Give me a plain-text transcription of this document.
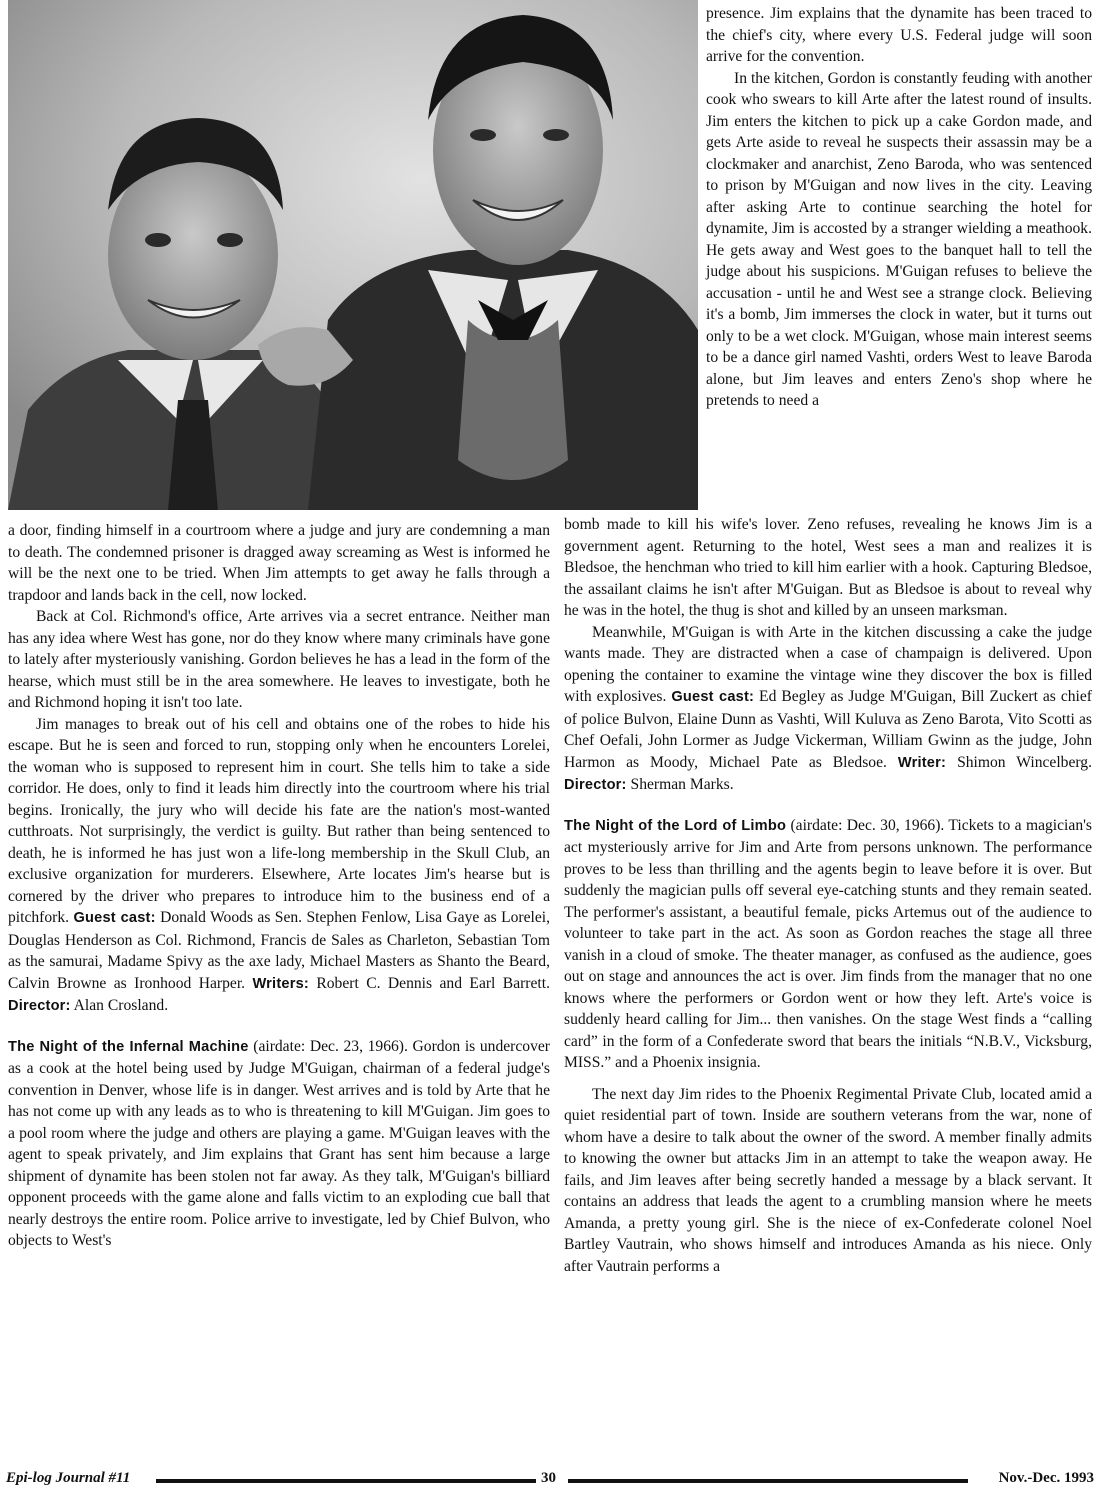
presence. Jim explains that the dynamite has been traced to the chief's city, where every U.S. Federal judge will soon arrive for the convention.

In the kitchen, Gordon is constantly feuding with another cook who swears to kill Arte after the latest round of insults. Jim enters the kitchen to pick up a cake Gordon made, and gets Arte aside to reveal he suspects their assassin may be a clockmaker and anarchist, Zeno Baroda, who was sentenced to prison by M'Guigan and now lives in the city. Leaving after asking Arte to continue searching the hotel for dynamite, Jim is accosted by a stranger wielding a meathook. He gets away and West goes to the banquet hall to tell the judge about his suspicions. M'Guigan refuses to believe the accusation - until he and West see a strange clock. Believing it's a bomb, Jim immerses the clock in water, but it turns out only to be a wet clock. M'Guigan, whose main interest seems to be a dance girl named Vashti, orders West to leave Baroda alone, but Jim leaves and enters Zeno's shop where he pretends to need a

a door, finding himself in a courtroom where a judge and jury are condemning a man to death. The condemned prisoner is dragged away screaming as West is informed he will be the next one to be tried. When Jim attempts to get away he falls through a trapdoor and lands back in the cell, now locked.

Back at Col. Richmond's office, Arte arrives via a secret entrance. Neither man has any idea where West has gone, nor do they know where many criminals have gone to lately after mysteriously vanishing. Gordon believes he has a lead in the form of the hearse, which must still be in the area somewhere. He leaves to investigate, both he and Richmond hoping it isn't too late.

Jim manages to break out of his cell and obtains one of the robes to hide his escape. But he is seen and forced to run, stopping only when he encounters Lorelei, the woman who is supposed to represent him in court. She tells him to take a side corridor. He does, only to find it leads him directly into the courtroom where his trial begins. Ironically, the jury who will decide his fate are the nation's most-wanted cutthroats. Not surprisingly, the verdict is guilty. But rather than being sentenced to death, he is informed he has just won a life-long membership in the Skull Club, an exclusive organization for murderers. Elsewhere, Arte locates Jim's hearse but is cornered by the driver who prepares to introduce him to the business end of a pitchfork. Guest cast: Donald Woods as Sen. Stephen Fenlow, Lisa Gaye as Lorelei, Douglas Henderson as Col. Richmond, Francis de Sales as Charleton, Sebastian Tom as the samurai, Madame Spivy as the axe lady, Michael Masters as Shanto the Beard, Calvin Browne as Ironhood Harper. Writers: Robert C. Dennis and Earl Barrett. Director: Alan Crosland.

The Night of the Infernal Machine (airdate: Dec. 23, 1966). Gordon is undercover as a cook at the hotel being used by Judge M'Guigan, chairman of a federal judge's convention in Denver, whose life is in danger. West arrives and is told by Arte that he has not come up with any leads as to who is threatening to kill M'Guigan. Jim goes to a pool room where the judge and others are playing a game. M'Guigan leaves with the agent to speak privately, and Jim explains that Grant has sent him because a large shipment of dynamite has been stolen not far away. As they talk, M'Guigan's billiard opponent proceeds with the game alone and falls victim to an exploding cue ball that nearly destroys the entire room. Police arrive to investigate, led by Chief Bulvon, who objects to West's

bomb made to kill his wife's lover. Zeno refuses, revealing he knows Jim is a government agent. Returning to the hotel, West sees a man and realizes it is Bledsoe, the henchman who tried to kill him earlier with a hook. Capturing Bledsoe, the assailant claims he isn't after M'Guigan. But as Bledsoe is about to reveal why he was in the hotel, the thug is shot and killed by an unseen marksman.

Meanwhile, M'Guigan is with Arte in the kitchen discussing a cake the judge wants made. They are distracted when a case of champaign is delivered. Upon opening the container to examine the vintage wine they discover the box is filled with explosives. Guest cast: Ed Begley as Judge M'Guigan, Bill Zuckert as chief of police Bulvon, Elaine Dunn as Vashti, Will Kuluva as Zeno Barota, Vito Scotti as Chef Oefali, John Lormer as Judge Vickerman, William Gwinn as the judge, John Harmon as Moody, Michael Pate as Bledsoe. Writer: Shimon Wincelberg. Director: Sherman Marks.

The Night of the Lord of Limbo (airdate: Dec. 30, 1966). Tickets to a magician's act mysteriously arrive for Jim and Arte from persons unknown. The performance proves to be less than thrilling and the agents begin to leave before it is over. But suddenly the magician pulls off several eye-catching stunts and they remain seated. The performer's assistant, a beautiful female, picks Artemus out of the audience to volunteer to take part in the act. As soon as Gordon reaches the stage all three vanish in a cloud of smoke. The theater manager, as confused as the audience, goes out on stage and announces the act is over. Jim finds from the manager that no one knows where the performers or Gordon went or how they left. Arte's voice is suddenly heard calling for Jim... then vanishes. On the stage West finds a “calling card” in the form of a Confederate sword that bears the initials “N.B.V., Vicksburg, MISS.” and a Phoenix insignia.

The next day Jim rides to the Phoenix Regimental Private Club, located amid a quiet residential part of town. Inside are southern veterans from the war, none of whom have a desire to talk about the owner of the sword. A member finally admits to knowing the owner but attacks Jim in an attempt to take the weapon away. He fails, and Jim leaves after being secretly handed a message by a black servant. It contains an address that leads the agent to a crumbling mansion where he meets Amanda, a pretty young girl. She is the niece of ex-Confederate colonel Noel Bartley Vautrain, who shows himself and introduces Amanda as his niece. Only after Vautrain performs a

Epi-log Journal #11	30	Nov.-Dec. 1993
